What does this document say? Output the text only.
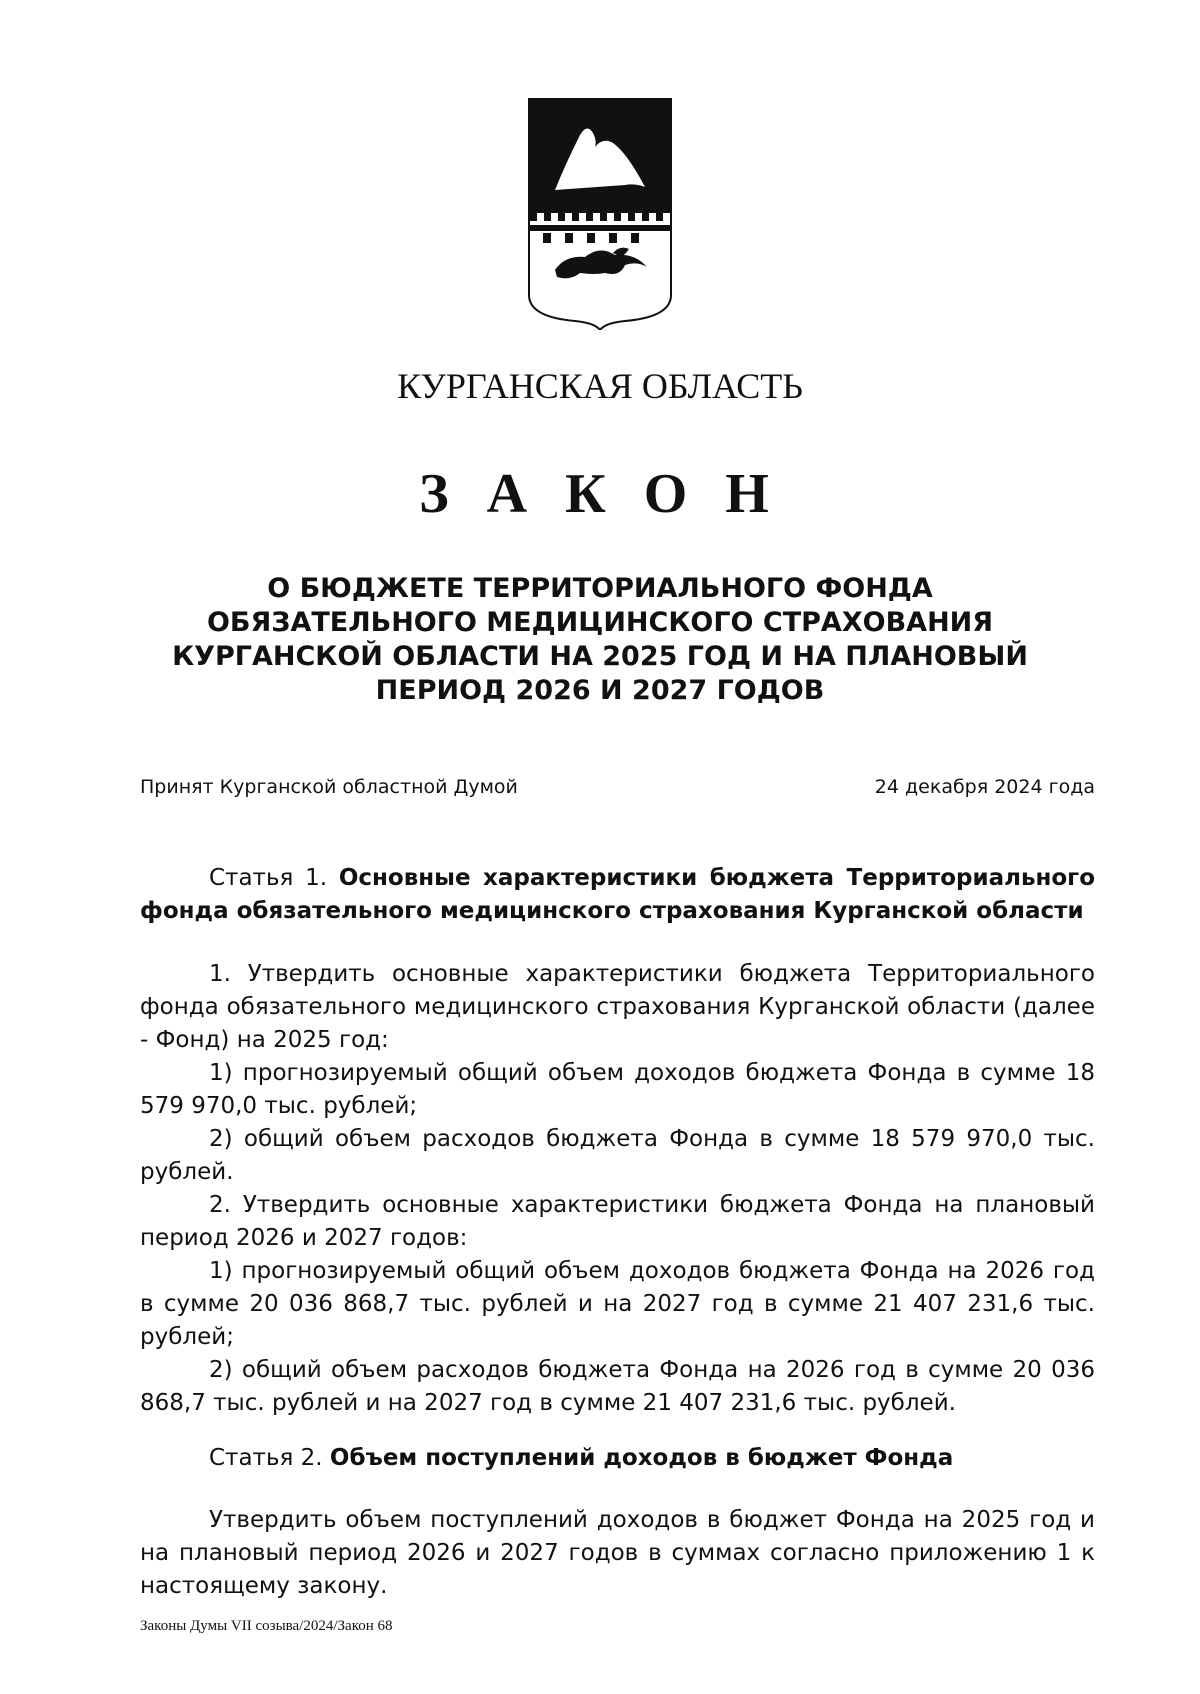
КУРГАНСКАЯ ОБЛАСТЬ
З А К О Н
О БЮДЖЕТЕ ТЕРРИТОРИАЛЬНОГО ФОНДА
ОБЯЗАТЕЛЬНОГО МЕДИЦИНСКОГО СТРАХОВАНИЯ
КУРГАНСКОЙ ОБЛАСТИ НА 2025 ГОД И НА ПЛАНОВЫЙ
ПЕРИОД 2026 И 2027 ГОДОВ
Принят Курганской областной Думой	24 декабря 2024 года

Статья 1. Основные характеристики бюджета Территориального фонда обязательного медицинского страхования Курганской области

1. Утвердить основные характеристики бюджета Территориального фонда обязательного медицинского страхования Курганской области (далее - Фонд) на 2025 год:

1) прогнозируемый общий объем доходов бюджета Фонда в сумме 18 579 970,0 тыс. рублей;

2) общий объем расходов бюджета Фонда в сумме 18 579 970,0 тыс. рублей.

2. Утвердить основные характеристики бюджета Фонда на плановый период 2026 и 2027 годов:

1) прогнозируемый общий объем доходов бюджета Фонда на 2026 год в сумме 20 036 868,7 тыс. рублей и на 2027 год в сумме 21 407 231,6 тыс. рублей;

2) общий объем расходов бюджета Фонда на 2026 год в сумме 20 036 868,7 тыс. рублей и на 2027 год в сумме 21 407 231,6 тыс. рублей.

Статья 2. Объем поступлений доходов в бюджет Фонда

Утвердить объем поступлений доходов в бюджет Фонда на 2025 год и на плановый период 2026 и 2027 годов в суммах согласно приложению 1 к настоящему закону.

Законы Думы VII созыва/2024/Закон 68
